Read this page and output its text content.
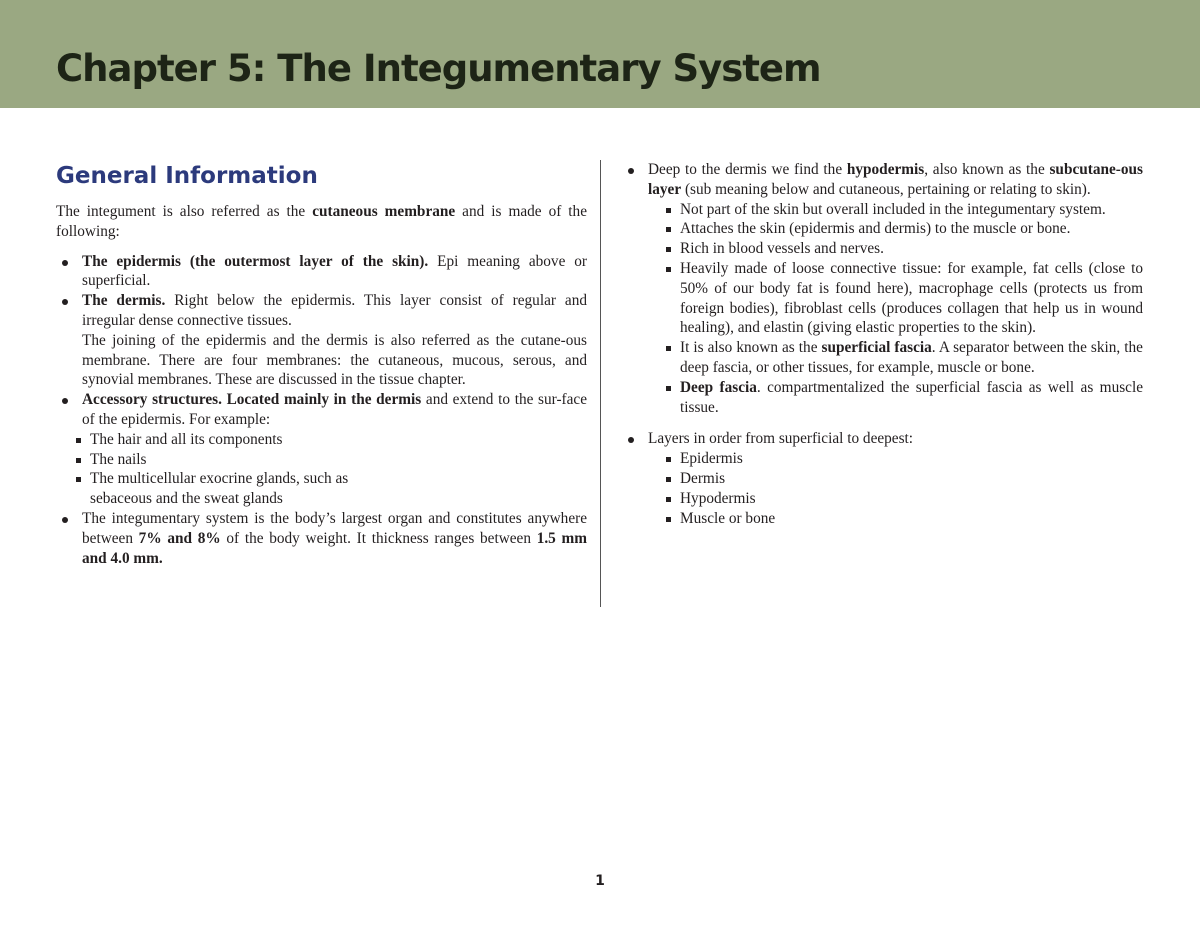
Chapter 5: The Integumentary System
General Information

The integument is also referred as the cutaneous membrane and is made of the following:

The epidermis (the outermost layer of the skin). Epi meaning above or superficial.
The dermis. Right below the epidermis. This layer consist of regular and irregular dense connective tissues.
The joining of the epidermis and the dermis is also referred as the cutane-ous membrane. There are four membranes: the cutaneous, mucous, serous, and synovial membranes. These are discussed in the tissue chapter.
Accessory structures. Located mainly in the dermis and extend to the sur-face of the epidermis. For example:
The hair and all its components
The nails
The multicellular exocrine glands, such as sebaceous and the sweat glands
The integumentary system is the body’s largest organ and constitutes anywhere between 7% and 8% of the body weight. It thickness ranges between 1.5 mm and 4.0 mm.
Deep to the dermis we find the hypodermis, also known as the subcutane-ous layer (sub meaning below and cutaneous, pertaining or relating to skin).
Not part of the skin but overall included in the integumentary system.
Attaches the skin (epidermis and dermis) to the muscle or bone.
Rich in blood vessels and nerves.
Heavily made of loose connective tissue: for example, fat cells (close to 50% of our body fat is found here), macrophage cells (protects us from foreign bodies), fibroblast cells (produces collagen that help us in wound healing), and elastin (giving elastic properties to the skin).
It is also known as the superficial fascia. A separator between the skin, the deep fascia, or other tissues, for example, muscle or bone.
Deep fascia. compartmentalized the superficial fascia as well as muscle tissue.
Layers in order from superficial to deepest:
Epidermis
Dermis
Hypodermis
Muscle or bone
1
